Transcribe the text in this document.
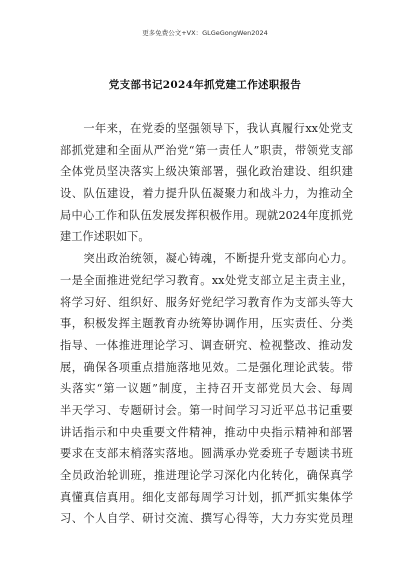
更多免费公文+VX：GLGeGongWen2024
党支部书记2024年抓党建工作述职报告

　　一年来，在党委的坚强领导下，我认真履行xx处党支
部抓党建和全面从严治党“第一责任人”职责，带领党支部
全体党员坚决落实上级决策部署，强化政治建设、组织建
设、队伍建设，着力提升队伍凝聚力和战斗力，为推动全
局中心工作和队伍发展发挥积极作用。现就2024年度抓党
建工作述职如下。

　　突出政治统领，凝心铸魂，不断提升党支部向心力。
一是全面推进党纪学习教育。xx处党支部立足主责主业，
将学习好、组织好、服务好党纪学习教育作为支部头等大
事，积极发挥主题教育办统筹协调作用，压实责任、分类
指导、一体推进理论学习、调查研究、检视整改、推动发
展，确保各项重点措施落地见效。二是强化理论武装。带
头落实“第一议题”制度，主持召开支部党员大会、每周
半天学习、专题研讨会。第一时间学习习近平总书记重要
讲话指示和中央重要文件精神，推动中央指示精神和部署
要求在支部末梢落实落地。圆满承办党委班子专题读书班
全员政治轮训班，推进理论学习深化内化转化，确保真学
真懂真信真用。细化支部每周学习计划，抓严抓实集体学
习、个人自学、研讨交流、撰写心得等，大力夯实党员理
